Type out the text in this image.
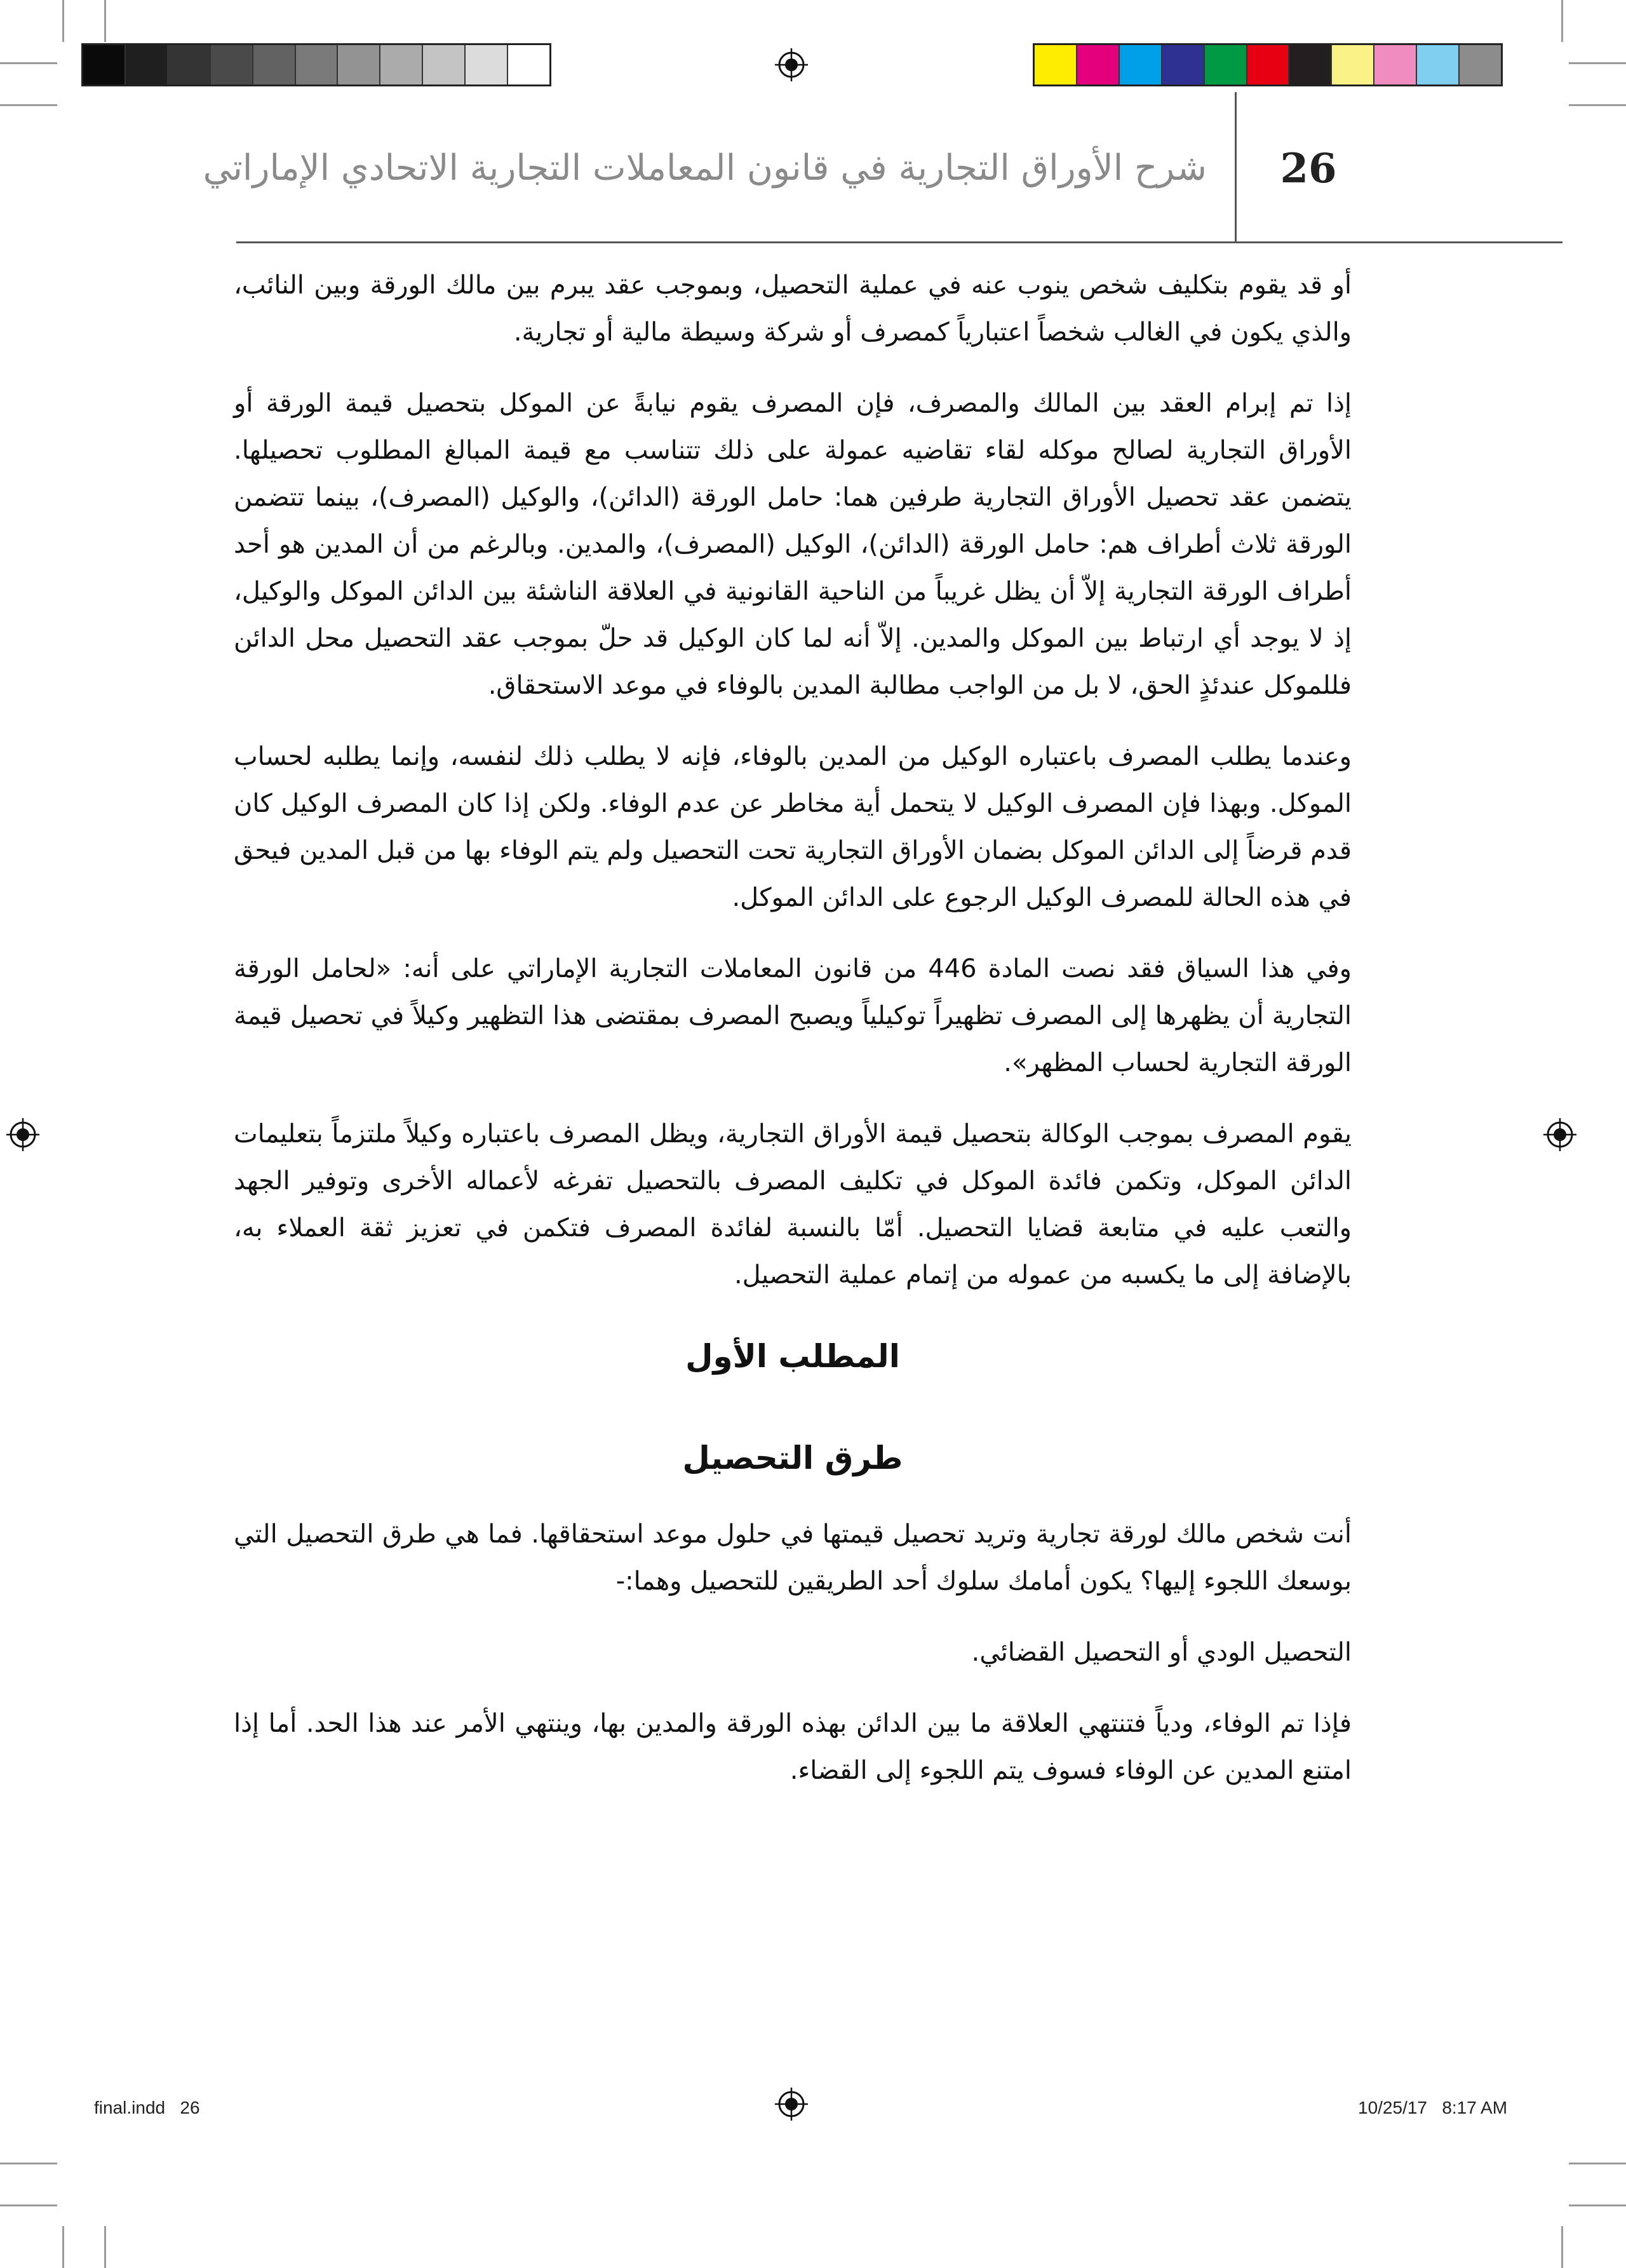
شرح الأوراق التجارية في قانون المعاملات التجارية الاتحادي الإماراتي	26

أو قد يقوم بتكليف شخص ينوب عنه في عملية التحصيل، وبموجب عقد يبرم بين مالك الورقة وبين النائب، والذي يكون في الغالب شخصاً اعتبارياً كمصرف أو شركة وسيطة مالية أو تجارية.

إذا تم إبرام العقد بين المالك والمصرف، فإن المصرف يقوم نيابةً عن الموكل بتحصيل قيمة الورقة أو الأوراق التجارية لصالح موكله لقاء تقاضيه عمولة على ذلك تتناسب مع قيمة المبالغ المطلوب تحصيلها. يتضمن عقد تحصيل الأوراق التجارية طرفين هما: حامل الورقة (الدائن)، والوكيل (المصرف)، بينما تتضمن الورقة ثلاث أطراف هم: حامل الورقة (الدائن)، الوكيل (المصرف)، والمدين. وبالرغم من أن المدين هو أحد أطراف الورقة التجارية إلاّ أن يظل غريباً من الناحية القانونية في العلاقة الناشئة بين الدائن الموكل والوكيل، إذ لا يوجد أي ارتباط بين الموكل والمدين. إلاّ أنه لما كان الوكيل قد حلّ بموجب عقد التحصيل محل الدائن فللموكل عندئذٍ الحق، لا بل من الواجب مطالبة المدين بالوفاء في موعد الاستحقاق.

وعندما يطلب المصرف باعتباره الوكيل من المدين بالوفاء، فإنه لا يطلب ذلك لنفسه، وإنما يطلبه لحساب الموكل. وبهذا فإن المصرف الوكيل لا يتحمل أية مخاطر عن عدم الوفاء. ولكن إذا كان المصرف الوكيل كان قدم قرضاً إلى الدائن الموكل بضمان الأوراق التجارية تحت التحصيل ولم يتم الوفاء بها من قبل المدين فيحق في هذه الحالة للمصرف الوكيل الرجوع على الدائن الموكل.

وفي هذا السياق فقد نصت المادة 446 من قانون المعاملات التجارية الإماراتي على أنه: «لحامل الورقة التجارية أن يظهرها إلى المصرف تظهيراً توكيلياً ويصبح المصرف بمقتضى هذا التظهير وكيلاً في تحصيل قيمة الورقة التجارية لحساب المظهر».

يقوم المصرف بموجب الوكالة بتحصيل قيمة الأوراق التجارية، ويظل المصرف باعتباره وكيلاً ملتزماً بتعليمات الدائن الموكل، وتكمن فائدة الموكل في تكليف المصرف بالتحصيل تفرغه لأعماله الأخرى وتوفير الجهد والتعب عليه في متابعة قضايا التحصيل. أمّا بالنسبة لفائدة المصرف فتكمن في تعزيز ثقة العملاء به، بالإضافة إلى ما يكسبه من عموله من إتمام عملية التحصيل.

المطلب الأول
طرق التحصيل

أنت شخص مالك لورقة تجارية وتريد تحصيل قيمتها في حلول موعد استحقاقها. فما هي طرق التحصيل التي بوسعك اللجوء إليها؟ يكون أمامك سلوك أحد الطريقين للتحصيل وهما:-

التحصيل الودي أو التحصيل القضائي.

فإذا تم الوفاء، ودياً فتنتهي العلاقة ما بين الدائن بهذه الورقة والمدين بها، وينتهي الأمر عند هذا الحد. أما إذا امتنع المدين عن الوفاء فسوف يتم اللجوء إلى القضاء.

final.indd   26	10/25/17   8:17 AM
